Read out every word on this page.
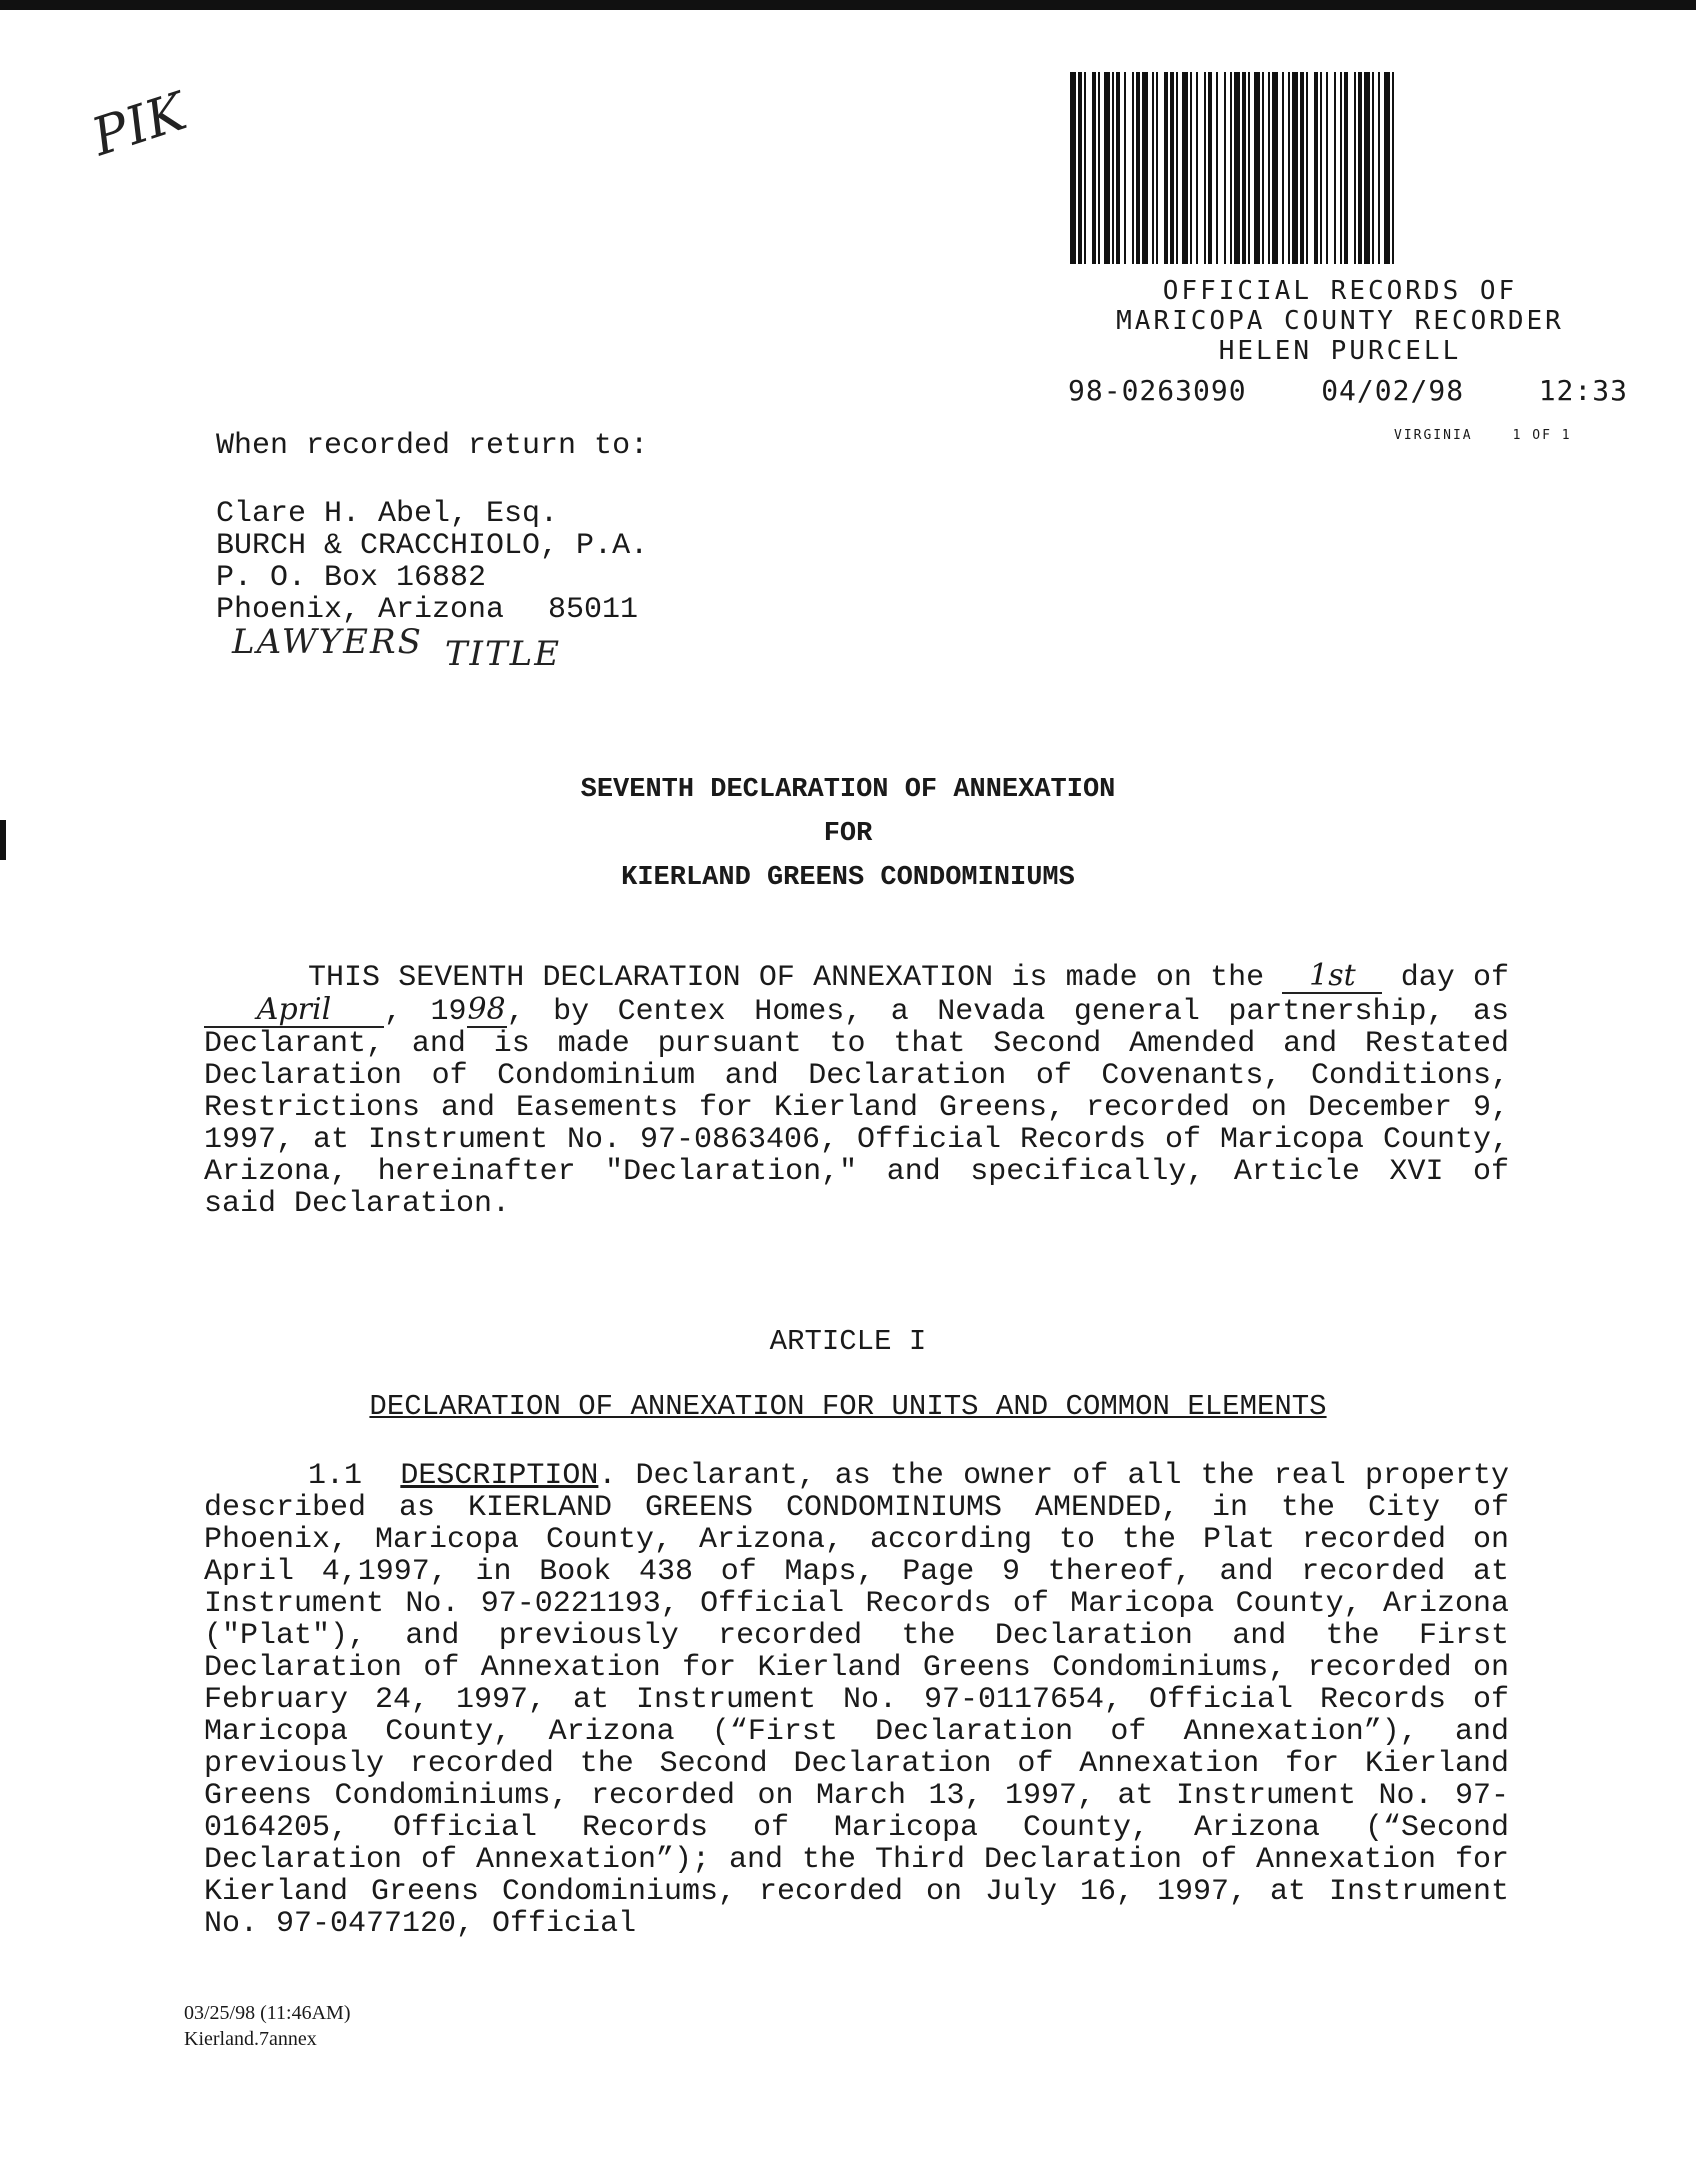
PIK
OFFICIAL RECORDS OF
MARICOPA COUNTY RECORDER
HELEN PURCELL
98-0263090	04/02/98	12:33
VIRGINIA	1 OF 1
When recorded return to:
Clare H. Abel, Esq.
BURCH & CRACCHIOLO, P.A.
P. O. Box 16882
Phoenix, Arizona 85011
LAWYERS TITLE
SEVENTH DECLARATION OF ANNEXATION
FOR
KIERLAND GREENS CONDOMINIUMS

THIS SEVENTH DECLARATION OF ANNEXATION is made on the 1st day of April , 1998, by Centex Homes, a Nevada general partnership, as Declarant, and is made pursuant to that Second Amended and Restated Declaration of Condominium and Declaration of Covenants, Conditions, Restrictions and Easements for Kierland Greens, recorded on December 9, 1997, at Instrument No. 97-0863406, Official Records of Maricopa County, Arizona, hereinafter "Declaration," and specifically, Article XVI of said Declaration.

ARTICLE I
DECLARATION OF ANNEXATION FOR UNITS AND COMMON ELEMENTS

1.1 DESCRIPTION. Declarant, as the owner of all the real property described as KIERLAND GREENS CONDOMINIUMS AMENDED, in the City of Phoenix, Maricopa County, Arizona, according to the Plat recorded on April 4,1997, in Book 438 of Maps, Page 9 thereof, and recorded at Instrument No. 97-0221193, Official Records of Maricopa County, Arizona ("Plat"), and previously recorded the Declaration and the First Declaration of Annexation for Kierland Greens Condominiums, recorded on February 24, 1997, at Instrument No. 97-0117654, Official Records of Maricopa County, Arizona (“First Declaration of Annexation”), and previously recorded the Second Declaration of Annexation for Kierland Greens Condominiums, recorded on March 13, 1997, at Instrument No. 97-0164205, Official Records of Maricopa County, Arizona (“Second Declaration of Annexation”); and the Third Declaration of Annexation for Kierland Greens Condominiums, recorded on July 16, 1997, at Instrument No. 97-0477120, Official

03/25/98 (11:46AM)
Kierland.7annex
